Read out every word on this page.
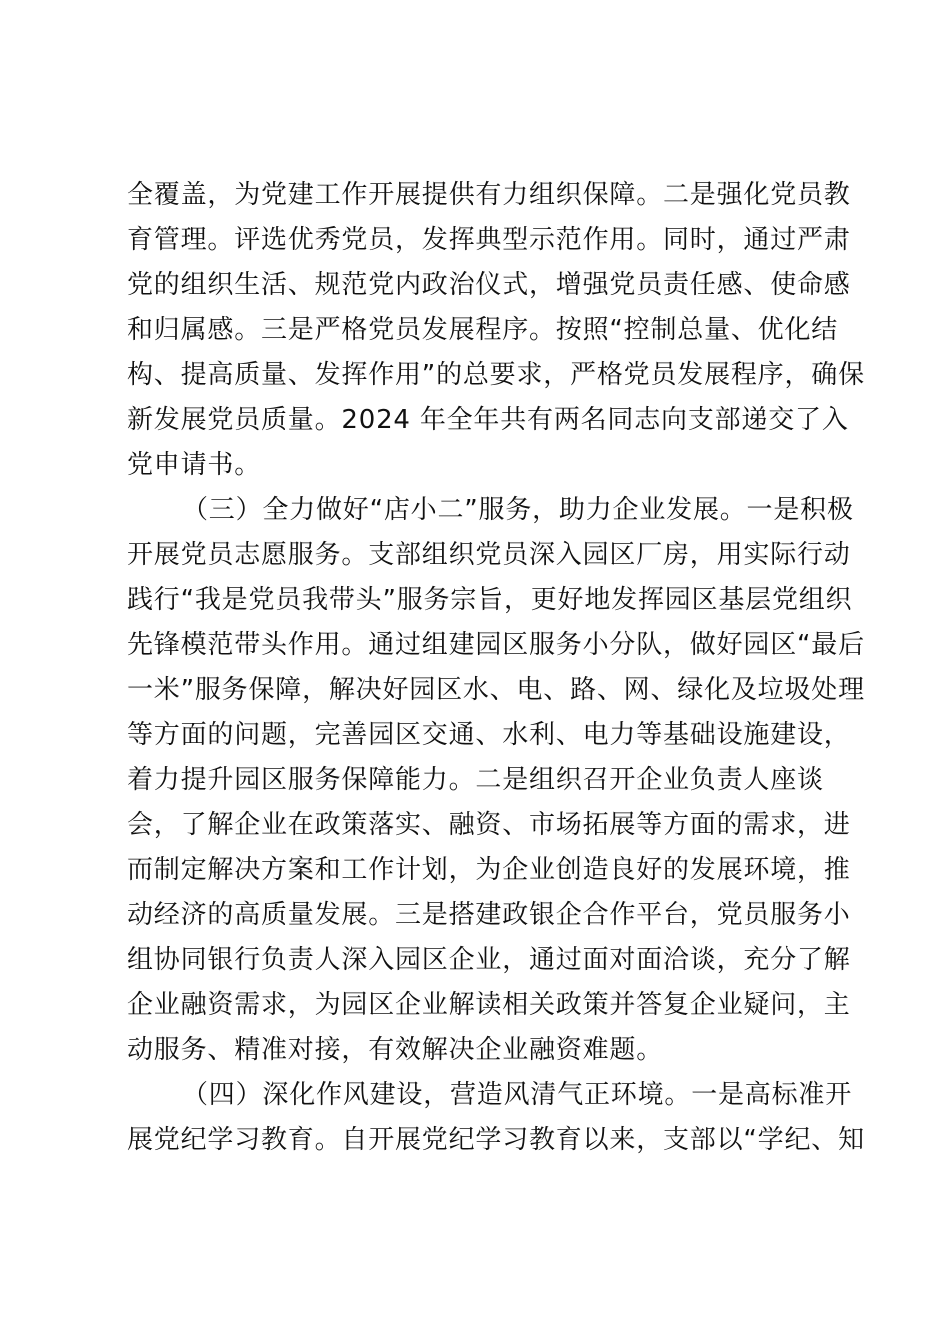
全覆盖，为党建工作开展提供有力组织保障。二是强化党员教
育管理。评选优秀党员，发挥典型示范作用。同时，通过严肃
党的组织生活、规范党内政治仪式，增强党员责任感、使命感
和归属感。三是严格党员发展程序。按照“控制总量、优化结
构、提高质量、发挥作用”的总要求，严格党员发展程序，确保
新发展党员质量。2024 年全年共有两名同志向支部递交了入
党申请书。
（三）全力做好“店小二”服务，助力企业发展。一是积极
开展党员志愿服务。支部组织党员深入园区厂房，用实际行动
践行“我是党员我带头”服务宗旨，更好地发挥园区基层党组织
先锋模范带头作用。通过组建园区服务小分队，做好园区“最后
一米”服务保障，解决好园区水、电、路、网、绿化及垃圾处理
等方面的问题，完善园区交通、水利、电力等基础设施建设，
着力提升园区服务保障能力。二是组织召开企业负责人座谈
会，了解企业在政策落实、融资、市场拓展等方面的需求，进
而制定解决方案和工作计划，为企业创造良好的发展环境，推
动经济的高质量发展。三是搭建政银企合作平台，党员服务小
组协同银行负责人深入园区企业，通过面对面洽谈，充分了解
企业融资需求，为园区企业解读相关政策并答复企业疑问，主
动服务、精准对接，有效解决企业融资难题。
（四）深化作风建设，营造风清气正环境。一是高标准开
展党纪学习教育。自开展党纪学习教育以来，支部以“学纪、知
